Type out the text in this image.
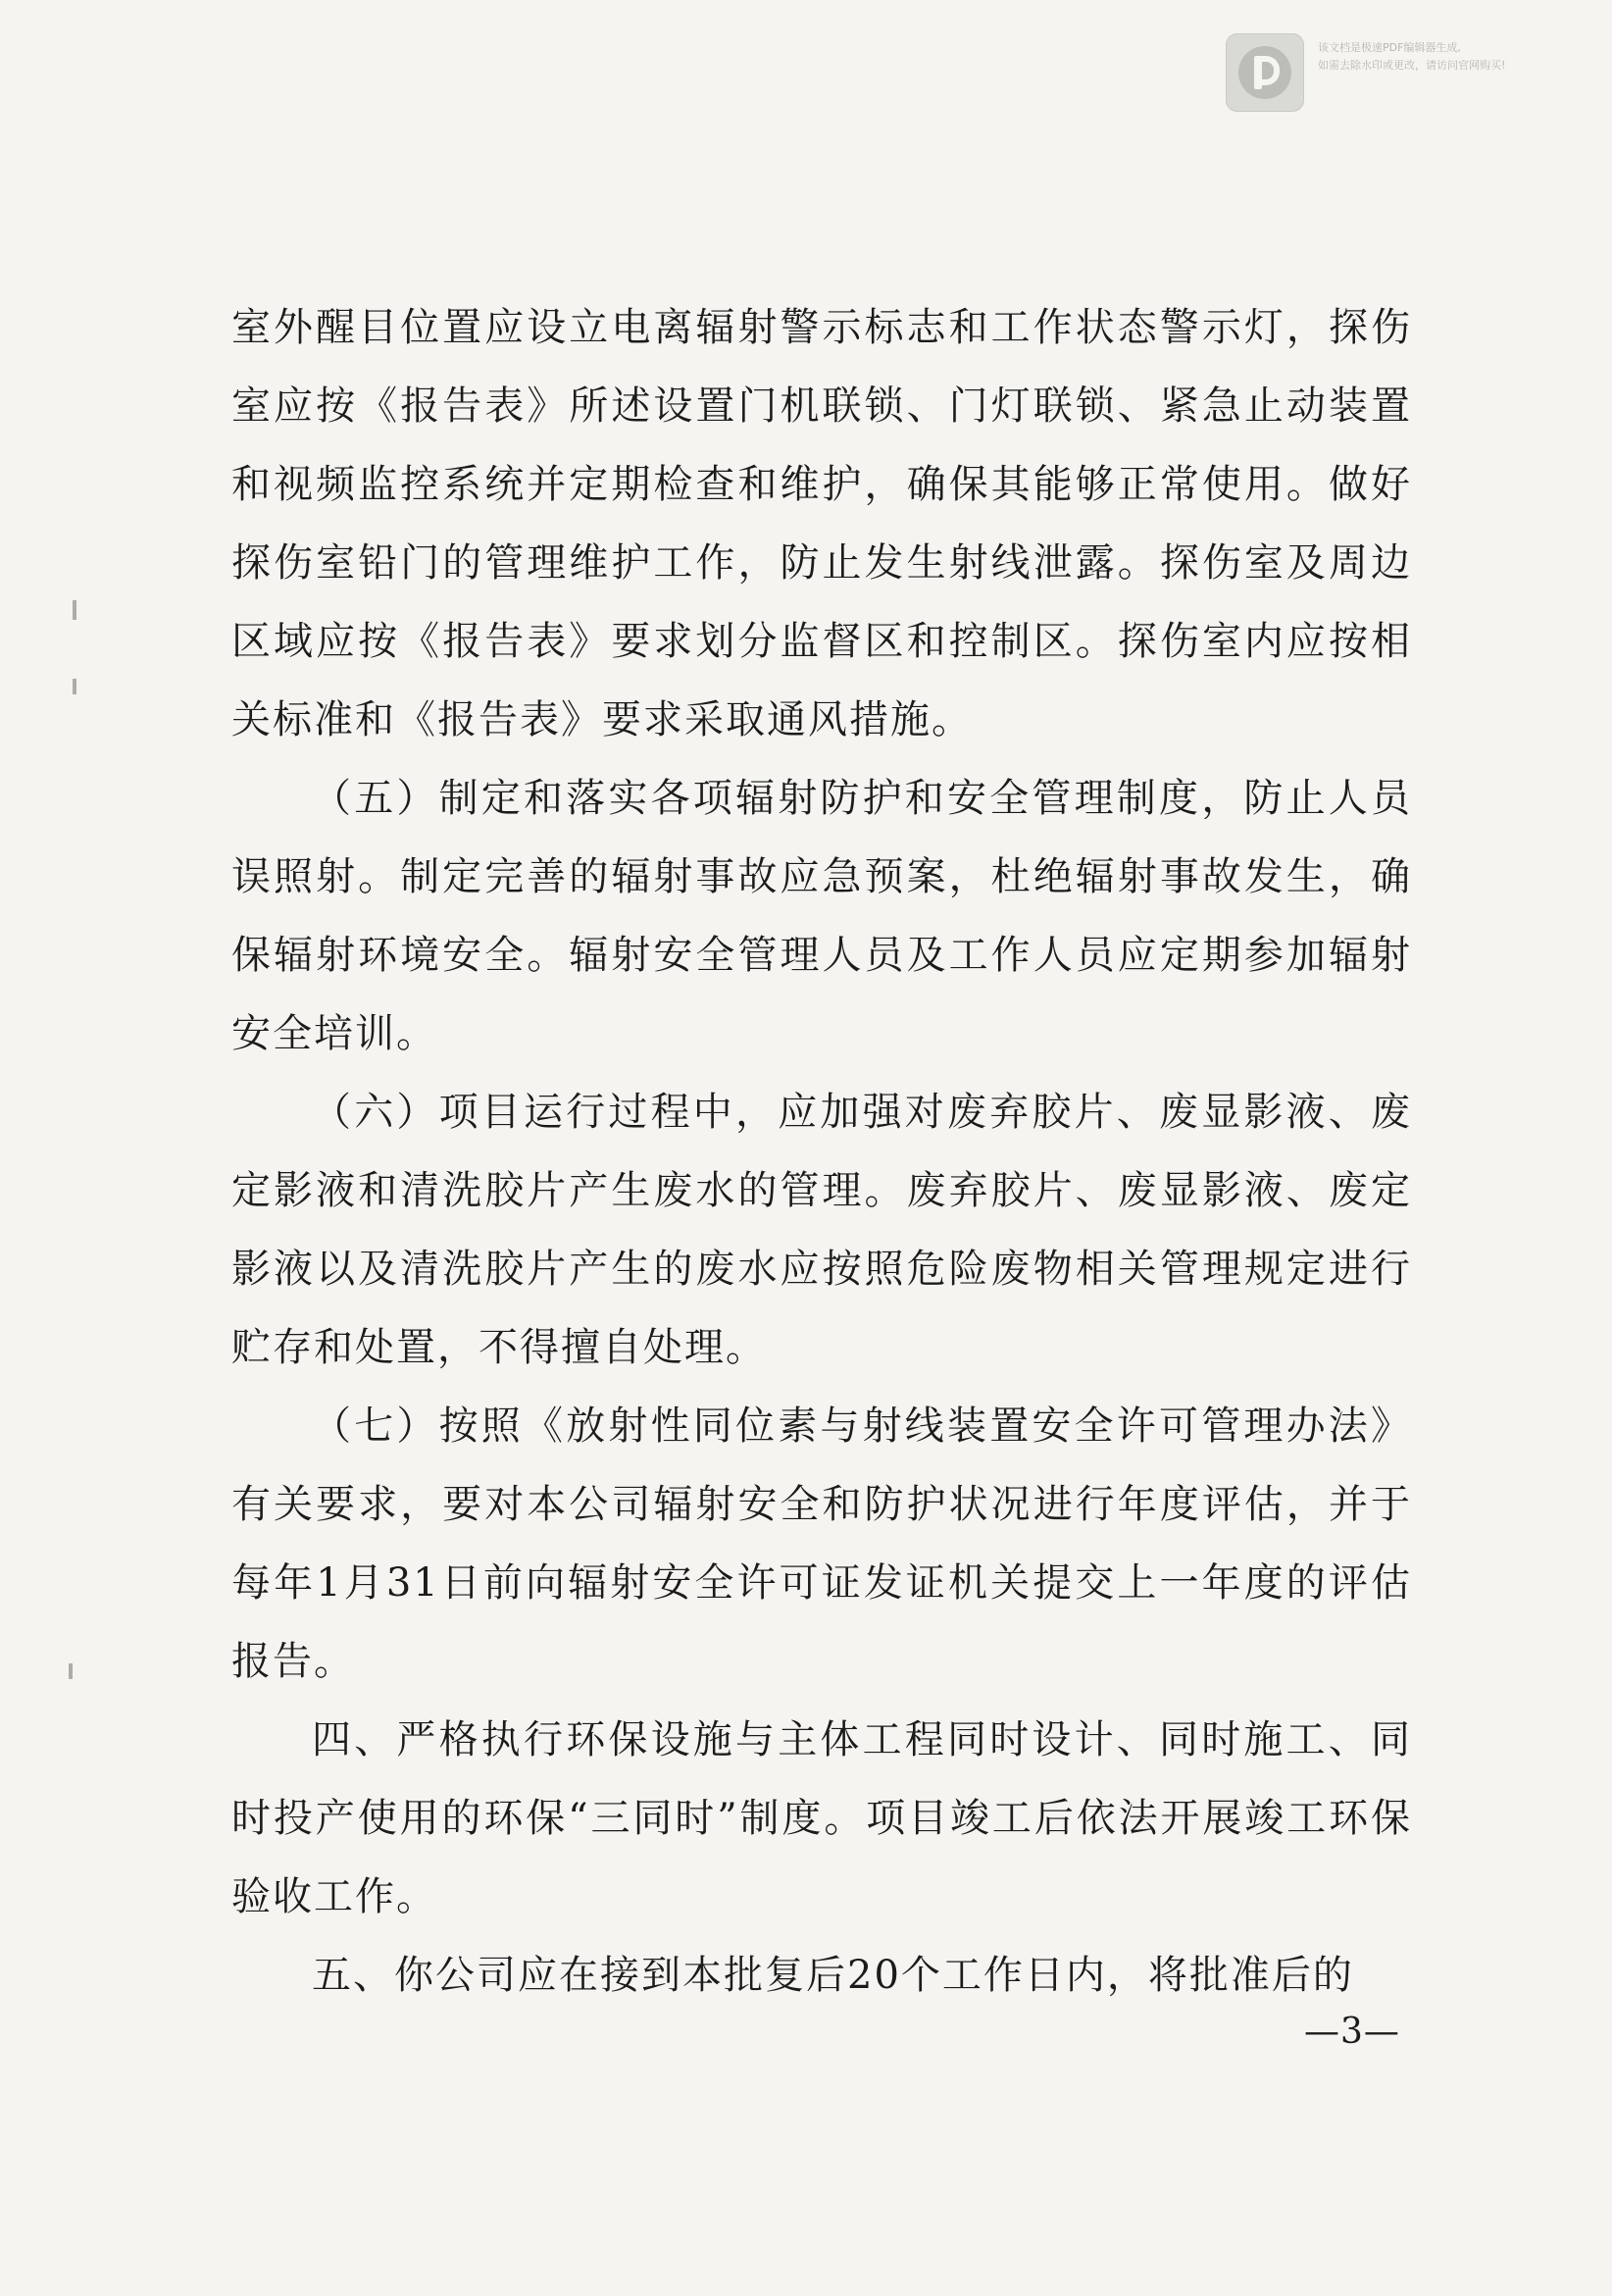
该文档是极速PDF编辑器生成,
如需去除水印或更改，请访问官网购买!

室外醒目位置应设立电离辐射警示标志和工作状态警示灯，探伤室应按《报告表》所述设置门机联锁、门灯联锁、紧急止动装置和视频监控系统并定期检查和维护，确保其能够正常使用。做好探伤室铅门的管理维护工作，防止发生射线泄露。探伤室及周边区域应按《报告表》要求划分监督区和控制区。探伤室内应按相关标准和《报告表》要求采取通风措施。

（五）制定和落实各项辐射防护和安全管理制度，防止人员误照射。制定完善的辐射事故应急预案，杜绝辐射事故发生，确保辐射环境安全。辐射安全管理人员及工作人员应定期参加辐射安全培训。

（六）项目运行过程中，应加强对废弃胶片、废显影液、废定影液和清洗胶片产生废水的管理。废弃胶片、废显影液、废定影液以及清洗胶片产生的废水应按照危险废物相关管理规定进行贮存和处置，不得擅自处理。

（七）按照《放射性同位素与射线装置安全许可管理办法》有关要求，要对本公司辐射安全和防护状况进行年度评估，并于每年1月31日前向辐射安全许可证发证机关提交上一年度的评估报告。

四、严格执行环保设施与主体工程同时设计、同时施工、同时投产使用的环保“三同时”制度。项目竣工后依法开展竣工环保验收工作。

五、你公司应在接到本批复后20个工作日内，将批准后的

—3—
